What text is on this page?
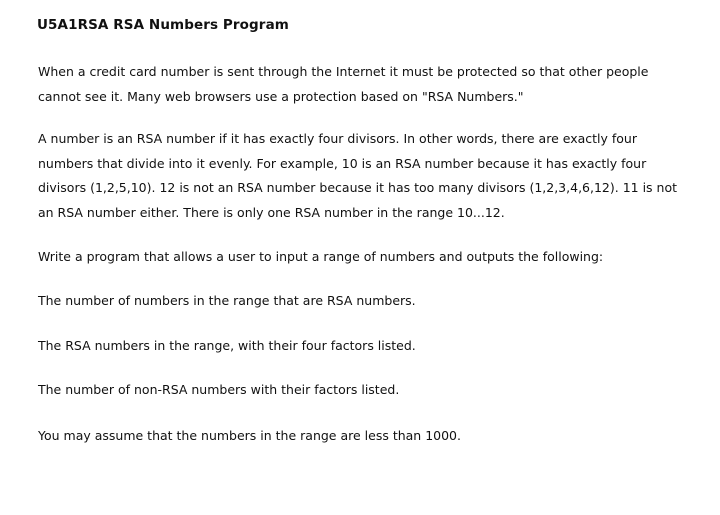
U5A1RSA RSA Numbers Program
When a credit card number is sent through the Internet it must be protected so that other people
cannot see it. Many web browsers use a protection based on "RSA Numbers."
A number is an RSA number if it has exactly four divisors. In other words, there are exactly four
numbers that divide into it evenly. For example, 10 is an RSA number because it has exactly four
divisors (1,2,5,10). 12 is not an RSA number because it has too many divisors (1,2,3,4,6,12). 11 is not
an RSA number either. There is only one RSA number in the range 10...12.
Write a program that allows a user to input a range of numbers and outputs the following:
The number of numbers in the range that are RSA numbers.
The RSA numbers in the range, with their four factors listed.
The number of non-RSA numbers with their factors listed.
You may assume that the numbers in the range are less than 1000.
